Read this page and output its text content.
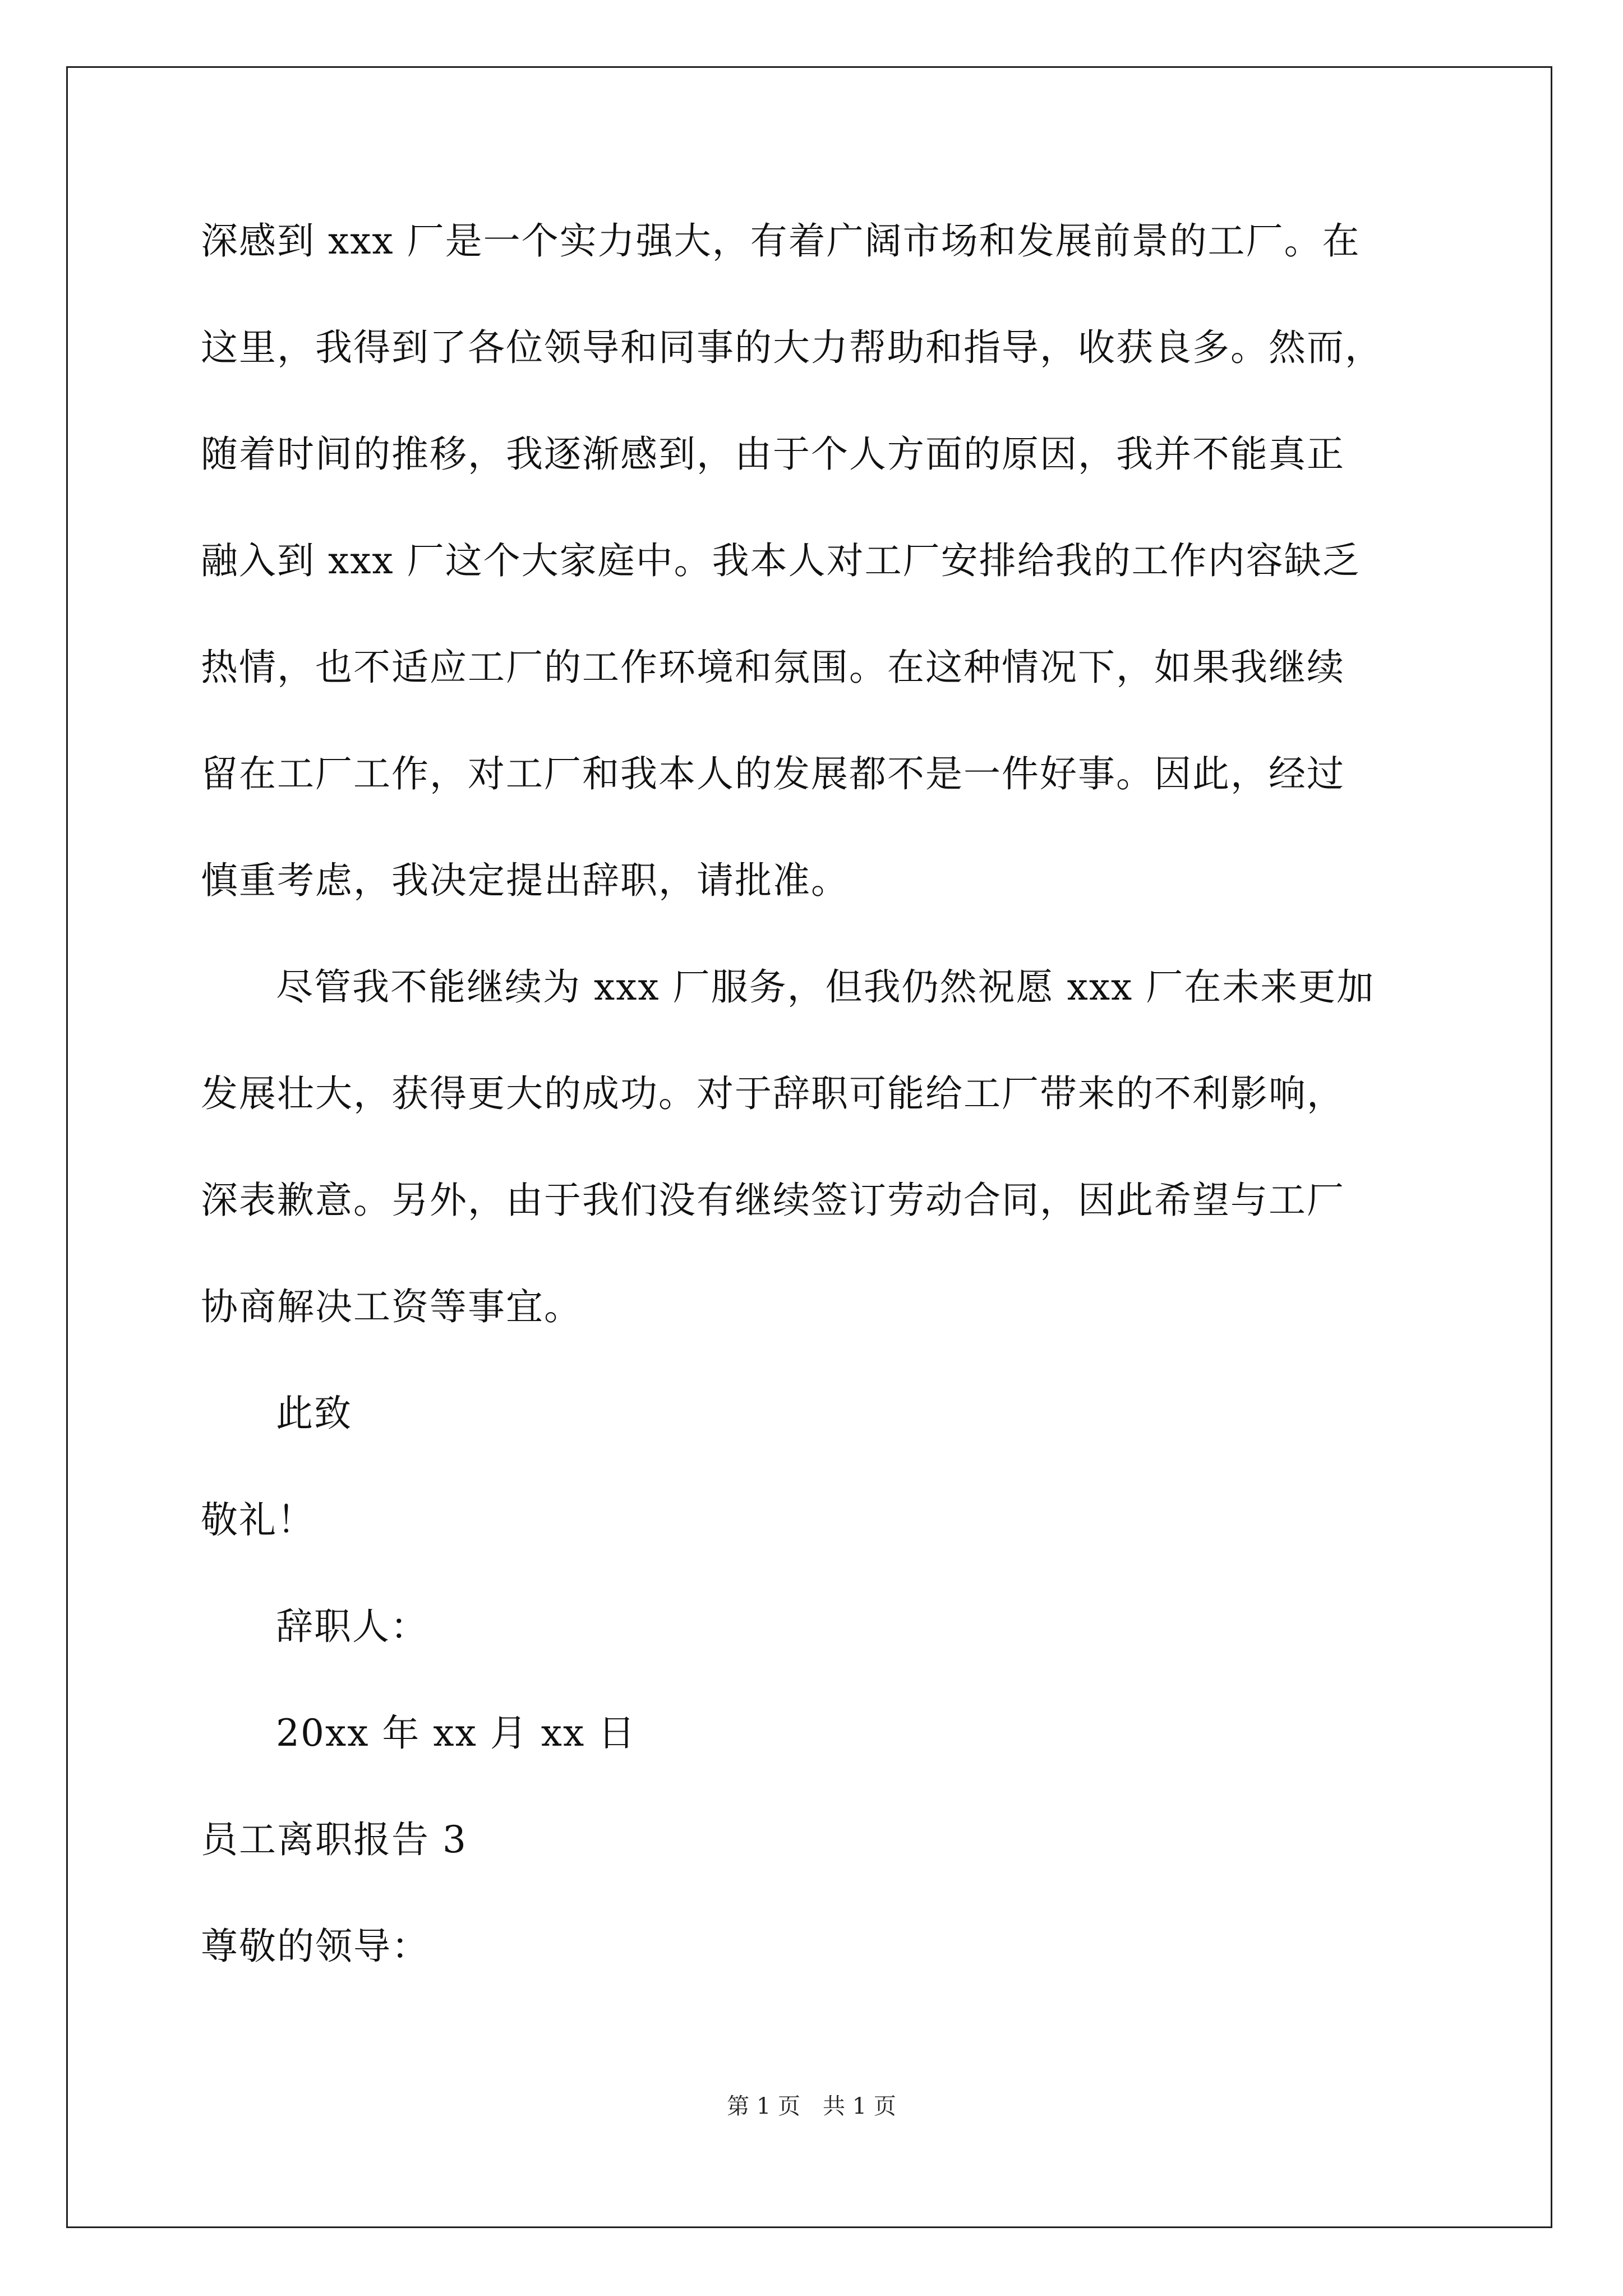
深感到 xxx 厂是一个实力强大，有着广阔市场和发展前景的工厂。在
这里，我得到了各位领导和同事的大力帮助和指导，收获良多。然而，
随着时间的推移，我逐渐感到，由于个人方面的原因，我并不能真正
融入到 xxx 厂这个大家庭中。我本人对工厂安排给我的工作内容缺乏
热情，也不适应工厂的工作环境和氛围。在这种情况下，如果我继续
留在工厂工作，对工厂和我本人的发展都不是一件好事。因此，经过
慎重考虑，我决定提出辞职，请批准。
尽管我不能继续为 xxx 厂服务，但我仍然祝愿 xxx 厂在未来更加
发展壮大，获得更大的成功。对于辞职可能给工厂带来的不利影响，
深表歉意。另外，由于我们没有继续签订劳动合同，因此希望与工厂
协商解决工资等事宜。
此致
敬礼！
辞职人：
20xx 年 xx 月 xx 日
员工离职报告 3
尊敬的领导：
第 1 页　共 1 页
